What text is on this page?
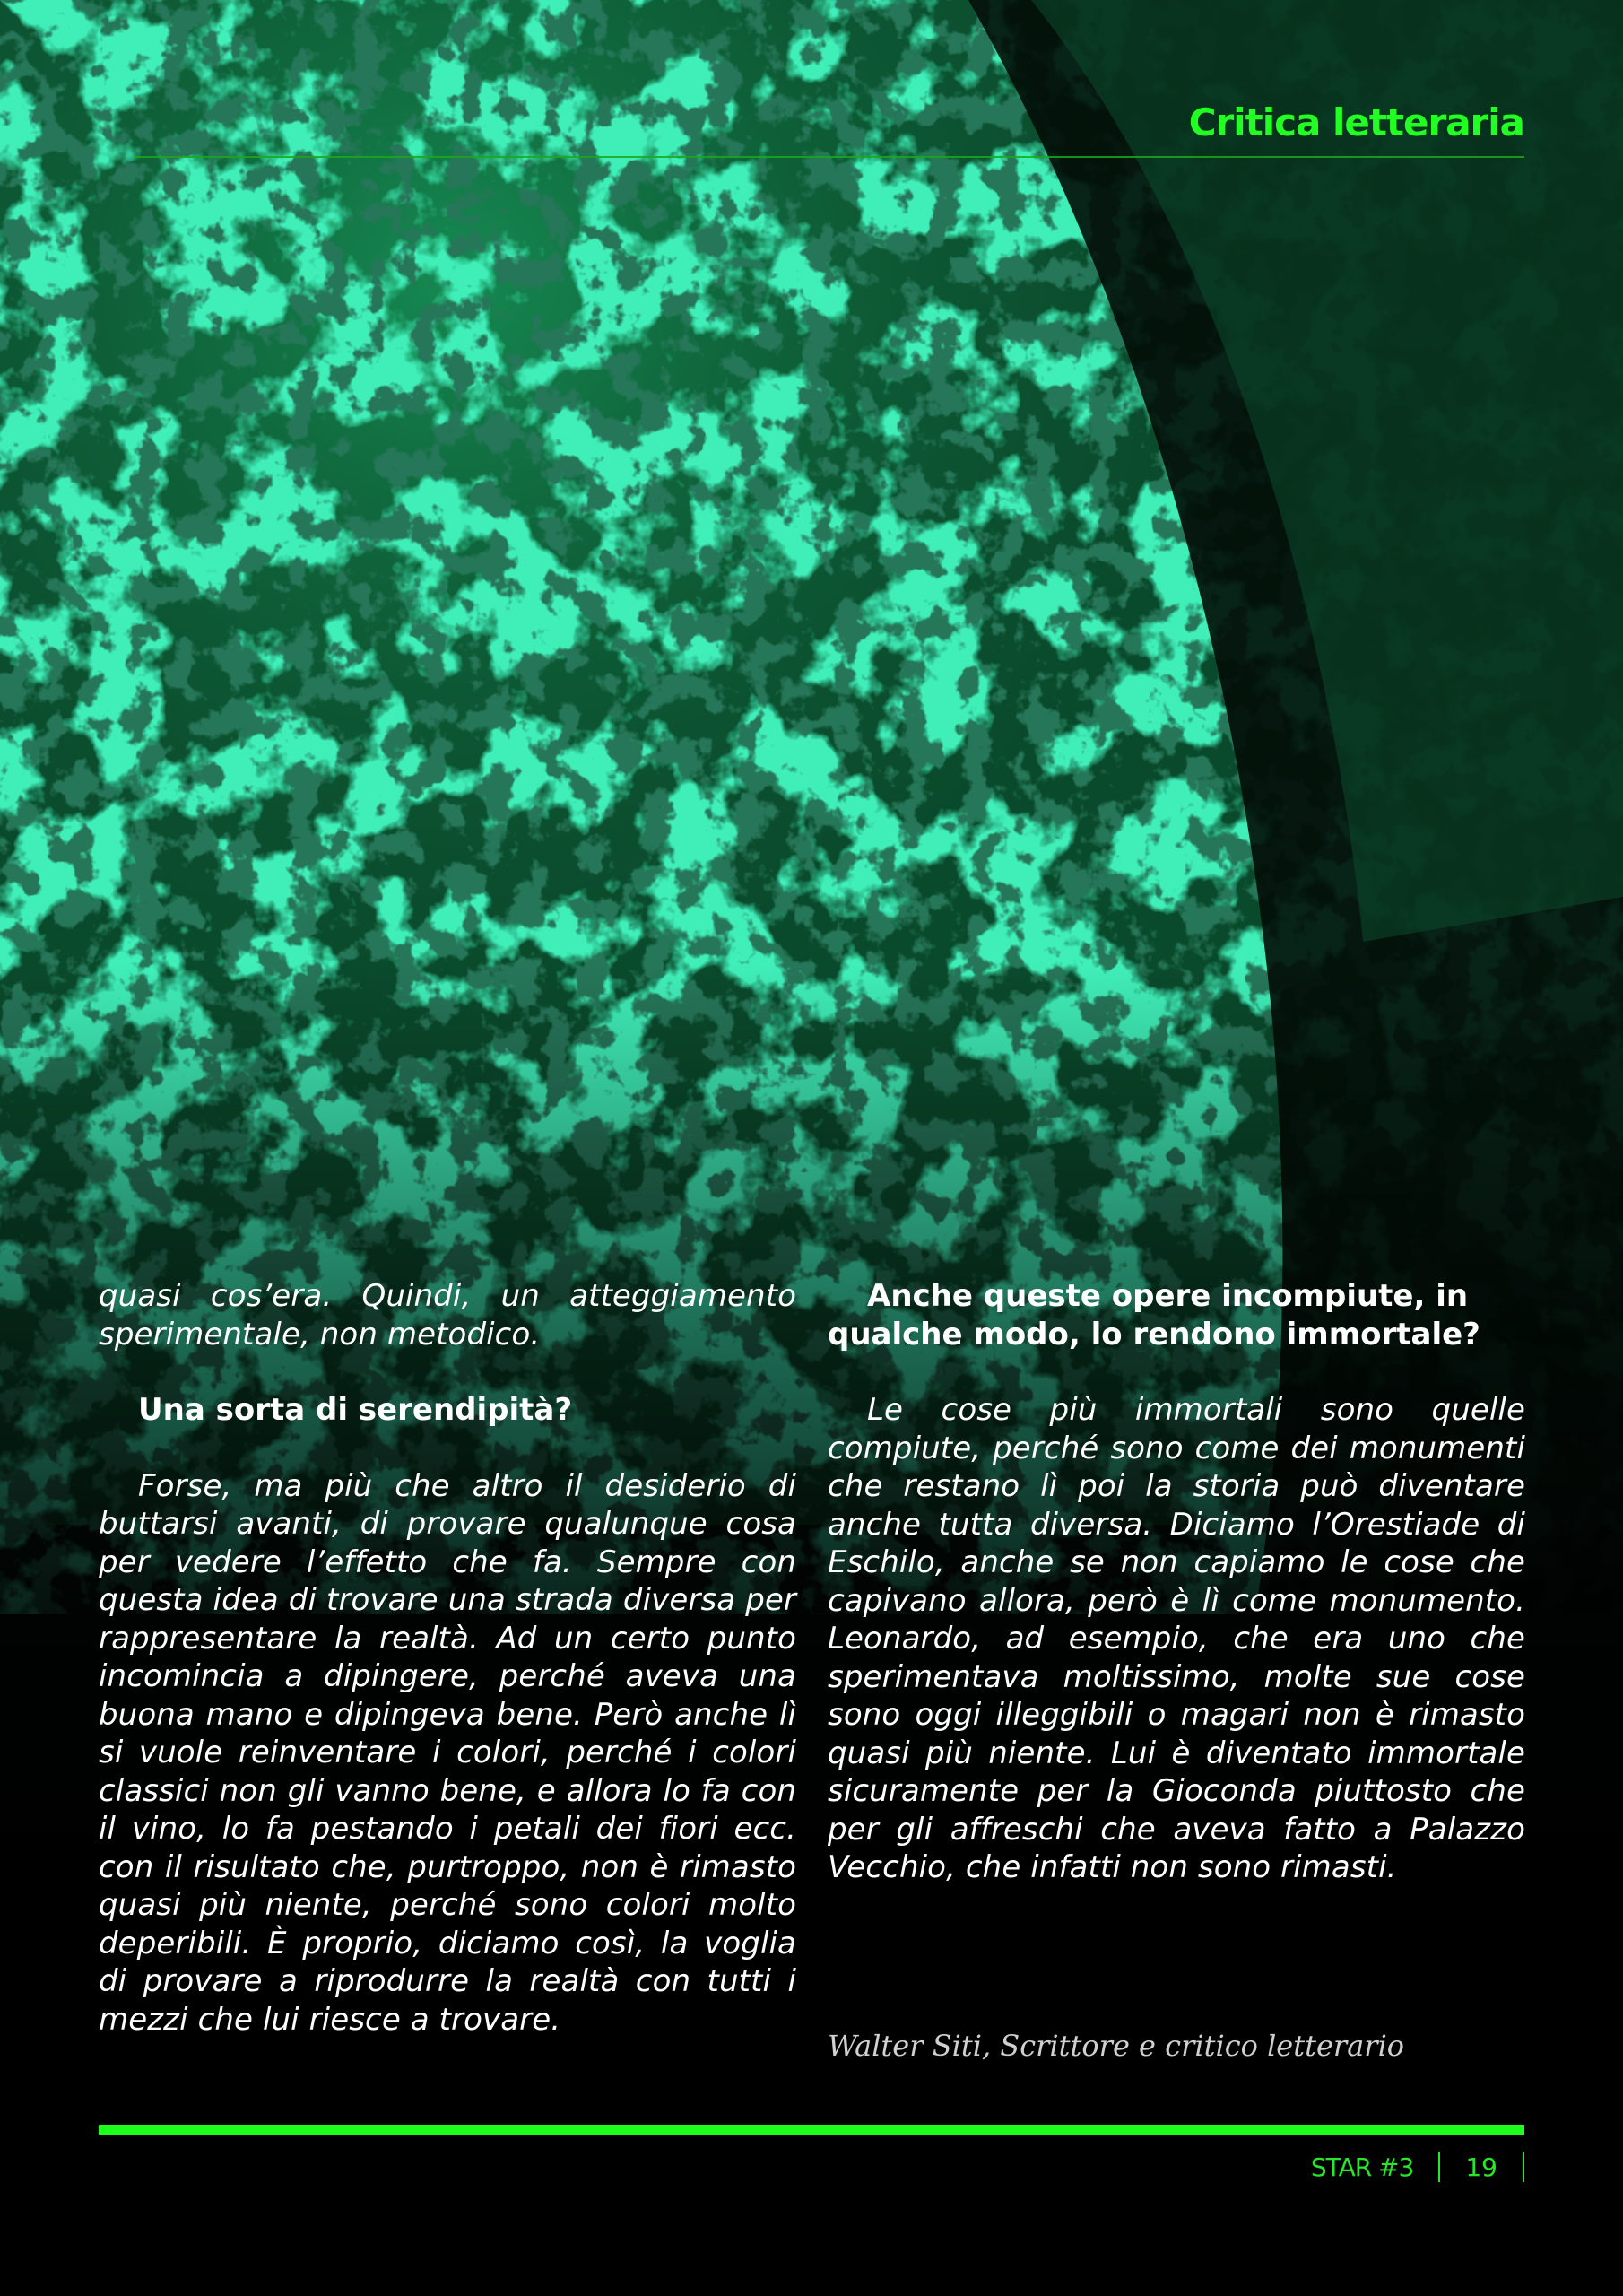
Critica letteraria

quasi cos’era. Quindi, un atteggiamento sperimentale, non metodico.

Una sorta di serendipità?

Forse, ma più che altro il desiderio di buttarsi avanti, di provare qualunque cosa per vedere l’effetto che fa. Sempre con questa idea di trovare una strada diversa per rappresentare la realtà. Ad un certo punto incomincia a dipingere, perché aveva una buona mano e dipingeva bene. Però anche lì si vuole reinventare i colori, perché i colori classici non gli vanno bene, e allora lo fa con il vino, lo fa pestando i petali dei fiori ecc. con il risultato che, purtroppo, non è rimasto quasi più niente, perché sono colori molto deperibili. È proprio, diciamo così, la voglia di provare a riprodurre la realtà con tutti i mezzi che lui riesce a trovare.

Anche queste opere incompiute, in qualche modo, lo rendono immortale?

Le cose più immortali sono quelle compiute, perché sono come dei monumenti che restano lì poi la storia può diventare anche tutta diversa. Diciamo l’Orestiade di Eschilo, anche se non capiamo le cose che capivano allora, però è lì come monumento. Leonardo, ad esempio, che era uno che sperimentava moltissimo, molte sue cose sono oggi illeggibili o magari non è rimasto quasi più niente. Lui è diventato immortale sicuramente per la Gioconda piuttosto che per gli affreschi che aveva fatto a Palazzo Vecchio, che infatti non sono rimasti.

Walter Siti, Scrittore e critico letterario
STAR #3 19
